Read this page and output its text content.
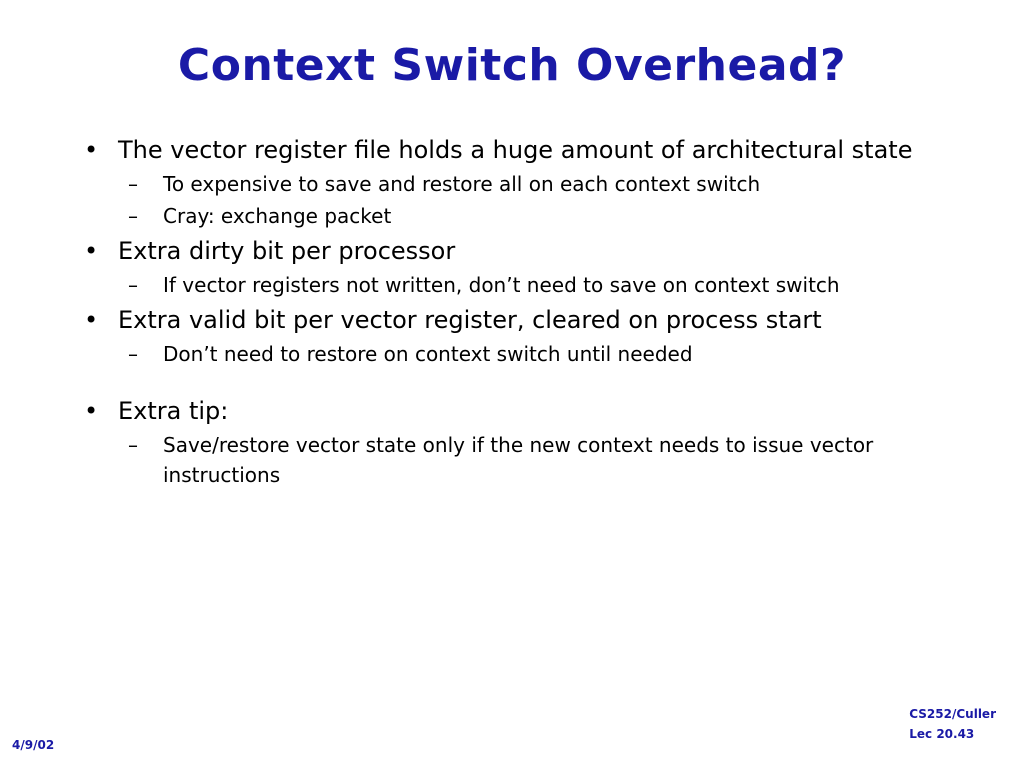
Context Switch Overhead?

• The vector register file holds a huge amount of architectural state

– To expensive to save and restore all on each context switch

– Cray: exchange packet

• Extra dirty bit per processor

– If vector registers not written, don’t need to save on context switch

• Extra valid bit per vector register, cleared on process start

– Don’t need to restore on context switch until needed

• Extra tip:

– Save/restore vector state only if the new context needs to issue vector instructions

CS252/Culler
Lec 20.43
4/9/02
